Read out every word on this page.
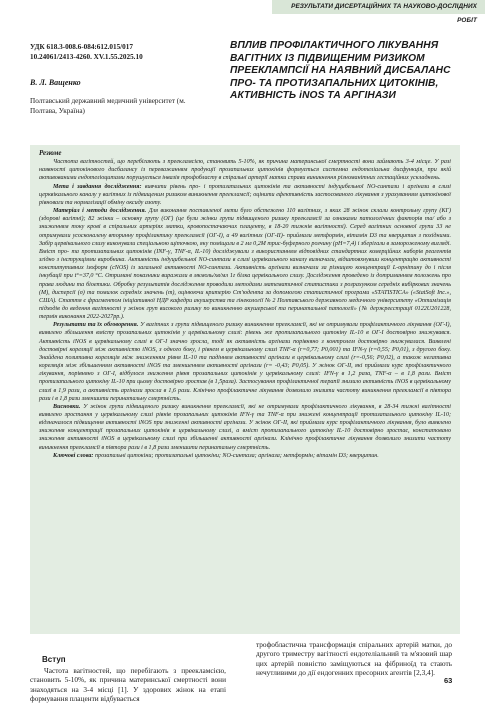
РЕЗУЛЬТАТИ ДИСЕРТАЦІЙНИХ ТА НАУКОВО-ДОСЛІДНИХ РОБІТ
УДК 618.3-008.6-084:612.015/017
10.24061/2413-4260. XV.1.55.2025.10
В. Л. Ващенко
Полтавський державний медичний університет (м. Полтава, Україна)
ВПЛИВ ПРОФІЛАКТИЧНОГО ЛІКУВАННЯ ВАГІТНИХ ІЗ ПІДВИЩЕНИМ РИЗИКОМ ПРЕЕКЛАМПСІЇ НА НАЯВНИЙ ДИСБАЛАНС ПРО- ТА ПРОТИЗАПАЛЬНИХ ЦИТОКІНІВ, АКТИВНІСТЬ iNOS ТА АРГІНАЗИ
Резюме

Частота вагітностей, що перебігають з преекламсією, становить 5-10%, як причина материнської смертності вони займають 3-4 місце. У разі наявності цитокінового дисбалансу із переважанням продукції прозапальних цитокінів формується системна ендотеліальна дисфункція, при якій активованими ендотеліоцитами порушується інвазія трофобласту в спіральні артерії матки справи виникнення різноманітних гестаційних ускладнень.

Мета і завдання дослідження: вивчити рівень про- і протизапальних цитокінів та активності індуцибельної NO-синтази і аргінази в слизі церквікального каналу у вагітних із підвищеним ризиком виникнення преекламсії; оцінити ефективність застосованого лікування з урахуванням цитокінової рівноваги та нормалізації обміну оксиду азоту.

Матеріал і методи дослідження. Для виконання поставленої мети було обстежено 110 вагітних, з яких 28 жінок склали контрольну групу (КГ) (здорові вагітні); 82 жінки – основну групу (ОГ) (це були жінки групи підвищеного ризику преекламсії за ознаками патологічних факторів та/ або з зниженням току крові в спіральних артеріях матки, кровопостачаючих плаценту, в 18-20 тижнів вагітності). Серед вагітних основної групи 33 не отримували усосконаленy вторинну профілактику преекламсії (ОГ-І), а 49 вагітних (ОГ-ІІ)- приймали метформін, вітамін D3 та кверцитин з похідними. Забір цервікального слизу виконували спеціальною щіточкою, яку поміщали в 2 мл 0,2М трис-буферного розчину (pH=7,4) і зберігали в замороженому вигляді. Вміст про- та протизапальних цитокінів (INF-γ, TNF-α, IL-10) досліджували з використанням відповідних стандартних комерційних наборів реагентів згідно з інструкціями виробника. Активність індуцибельної NO-синтази в слизі цервікального каналу визначали, відштовхнувши концентрацію активності конститутивних ізоформ (cNOS) із загальної активності NO-синтази. Активність аргінази визначали за різницею концентрації L-орнітину до і після інкубації при t°=37,0 °С. Отримані показники виражали в мкмоль/хв/мл 1г білка цервікального слизу. Дослідження проведено із дотриманням положень про права людини та біоетики. Обробку результатів дослідження проводили методами математичної статистики з розрахунком середніх вибіркових значень (M), дисперсії (σ) та помилок середніх значень (m), оцінюючи критерію Ст'юдента за допомогою статистичної програми «STATISTICA» («StatSoft Inc.», США). Стаття є фрагментом ініціативної НДР кафедри акушерства та гінекології № 2 Полтавського державного медичного університету «Оптимізація підходів до ведення вагітності у жінок груп високого ризику по виникненню акушерської та перинатальної патології» (№ держреєстрації 0122U201228, термін виконання 2022-2027рр.).

Результати та їх обговорення. У вагітних з групи підвищеного ризику виникнення преекламсії, які не отримували профілактичного лікування (ОГ-І), виявлено збільшення вмісту прозапальних цитокінів у цервікальному слизі: рівень же протизапального цитокіну IL-10 в ОГ-І достовірно знижувався. Активність iNOS в цервікальному слизі в ОГ-І значно зросла, тоді як активність аргінази порівняно з контролем достовірно знижувалася. Виявлені достовірні кореляції між активністю iNOS, з одного боку, і рівнем в цервікальному слизі TNF-α (r=0,77; P0,001) та IFN-γ (r=0,55; P0,01), з другого боку. Знайдена позитивна кореляція між зниженням рівня IL-10 та падінням активності аргінази в цервікальному слизі (r=-0,56; P0,02), а також негативна кореляція між збільшенням активності iNOS та зменшенням активності аргінази (r= -0,43; P0,05). У жінок ОГ-ІІ, які приймали курс профілактичного лікування, порівняно з ОГ-І, відбулося зниження рівня прозапальних цитокінів у цервікальному слизі: IFN-γ в 1,2 раза, TNF-α – в 1,8 рази. Вміст протизапального цитокіну IL-10 при цьому достовірно зростав (в 1,5раза). Застосування профілактичної терапії знизило активність iNOS в цервікальному слизі в 1,9 рази, а активність аргінази зросла в 1,6 рази. Клінічно профілактичне лікування дозволило знизити частоту виникнення преекламсії в півтора рази і в 1,8 рази зменшити перинатальну смертність.

Висновки. У жінок групи підвищеного ризику виникнення преекламсії, які не отримували профілактичного лікування, в 28-34 тижні вагітності виявлено зростання у цервікальному слизі рівнів прозапальних цитокінів IFN-γ та TNF-α при знижені концентрації протизапального цитокіну IL-10; відзначалося підвищення активності iNOS при зниженні активності аргінази. У жінок ОГ-ІІ, які приймали курс профілактичного лікування, було виявлено зниження концентрації прозапальних цитокінів в цервікальному слизі, а вміст протизапального цитокіну IL-10 достовірно зростає, констатовано зниження активності iNOS в цервікальному слизі при збільшенні активності аргінази. Клінічно профілактичне лікування дозволило знизити частоту виникнення преекламсії в півтора рази і в 1,8 рази зменшити перинатальну смертність.

Ключові слова: прозапальні цитокіни; протизапальні цитокіни; NO-синтаза; аргіназа; метформін; вітамін D3; кверцитин.

Вступ
Частота вагітностей, що перебігають з преекламсією, становить 5-10%, як причина материнської смертності вони знаходяться на 3-4 місці [1]. У здорових жінок на етапі формування плаценти відбувається
трофобластична трансформація спіральних артерій матки, до другого триместру вагітності ендотеліальний та м'язовий шар цих артерій повністю заміщуються на фібриноїд та стають нечутливими до дії ендогенних пресорних агентів [2,3,4].
63
